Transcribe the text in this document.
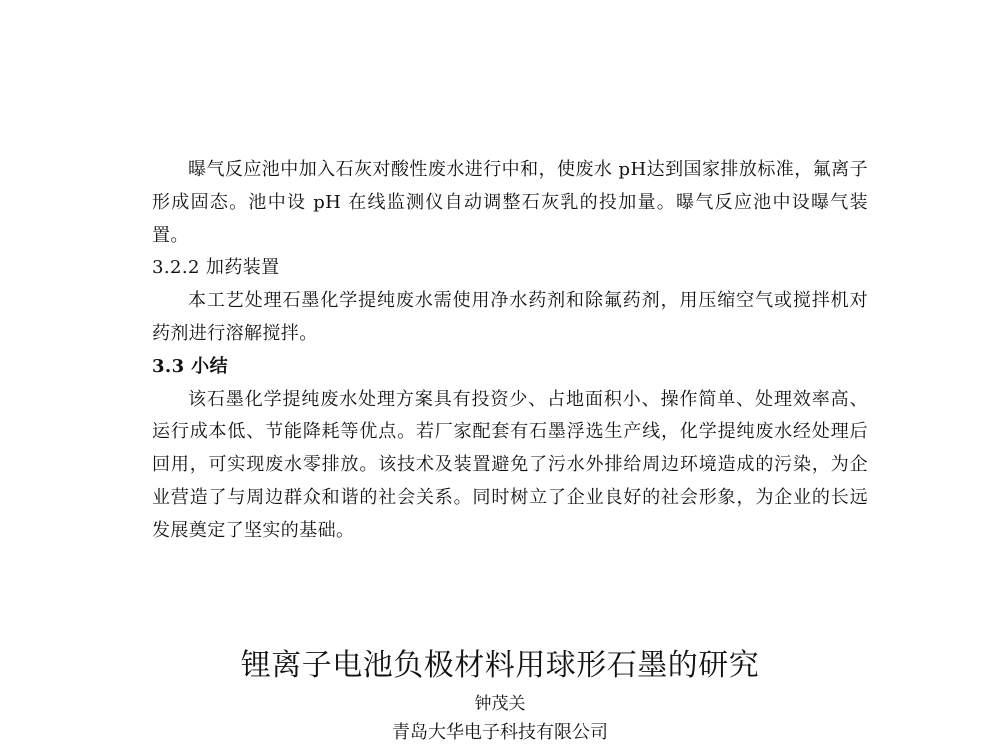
曝气反应池中加入石灰对酸性废水进行中和，使废水 pH达到国家排放标准，氟离子形成固态。池中设 pH 在线监测仪自动调整石灰乳的投加量。曝气反应池中设曝气装置。

3.2.2 加药装置

本工艺处理石墨化学提纯废水需使用净水药剂和除氟药剂，用压缩空气或搅拌机对药剂进行溶解搅拌。

3.3 小结

该石墨化学提纯废水处理方案具有投资少、占地面积小、操作简单、处理效率高、运行成本低、节能降耗等优点。若厂家配套有石墨浮选生产线，化学提纯废水经处理后回用，可实现废水零排放。该技术及装置避免了污水外排给周边环境造成的污染，为企业营造了与周边群众和谐的社会关系。同时树立了企业良好的社会形象，为企业的长远发展奠定了坚实的基础。

锂离子电池负极材料用球形石墨的研究

钟茂关

青岛大华电子科技有限公司
